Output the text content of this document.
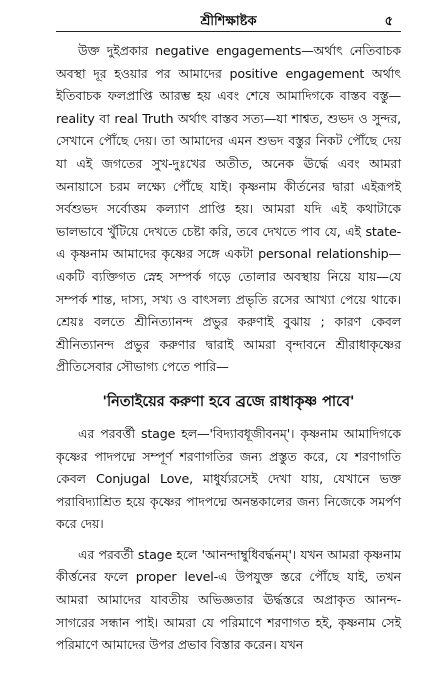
শ্রীশিক্ষাষ্টক	৫

উক্ত দুইপ্রকার negative engagements—অর্থাৎ নেতিবাচক অবস্থা দূর হওয়ার পর আমাদের positive engagement অর্থাৎ ইতিবাচক ফলপ্রাপ্তি আরম্ভ হয় এবং শেষে আমাদিগকে বাস্তব বস্তু—reality বা real Truth অর্থাৎ বাস্তব সত্য—যা শাশ্বত, শুভদ ও সুন্দর, সেখানে পৌঁছে দেয়। তা আমাদের এমন শুভদ বস্তুর নিকট পৌঁছে দেয় যা এই জগতের সুখ-দুঃখের অতীত, অনেক ঊর্দ্ধে এবং আমরা অনায়াসে চরম লক্ষ্যে পৌঁছে যাই। কৃষ্ণনাম কীর্তনের দ্বারা এইরূপই সর্বশুভদ সর্বোত্তম কল্যাণ প্রাপ্তি হয়। আমরা যদি এই কথাটাকে ভালভাবে খুঁটিয়ে দেখতে চেষ্টা করি, তবে দেখতে পাব যে, এই state-এ কৃষ্ণনাম আমাদের কৃষ্ণের সঙ্গে একটা personal relationship—একটি ব্যক্তিগত স্নেহ সম্পর্ক গড়ে তোলার অবস্থায় নিয়ে যায়—যে সম্পর্ক শান্ত, দাস্য, সখ্য ও বাৎসল্য প্রভৃতি রসের আখ্যা পেয়ে থাকে। শ্রেয়ঃ বলতে শ্রীনিত্যানন্দ প্রভুর করুণাই বুঝায় ; কারণ কেবল শ্রীনিত্যানন্দ প্রভুর করুণার দ্বারাই আমরা বৃন্দাবনে শ্রীরাধাকৃষ্ণের প্রীতিসেবার সৌভাগ্য পেতে পারি—

'নিতাইয়ের করুণা হবে ব্রজে রাধাকৃষ্ণ পাবে'

এর পরবর্ত্তী stage হল—'বিদ্যাবধূজীবনম্'। কৃষ্ণনাম আমাদিগকে কৃষ্ণের পাদপদ্মে সম্পূর্ণ শরণাগতির জন্য প্রস্তুত করে, যে শরণাগতি কেবল Conjugal Love, মাধুর্য্যরসেই দেখা যায়, যেখানে ভক্ত পরাবিদ্যাশ্রিত হয়ে কৃষ্ণের পাদপদ্মে অনন্তকালের জন্য নিজেকে সমর্পণ করে দেয়।

এর পরবর্তী stage হলে 'আনন্দাম্বুধিবর্দ্ধনম্'। যখন আমরা কৃষ্ণনাম কীর্ত্তনের ফলে proper level-এ উপযুক্ত স্তরে পৌঁছে যাই, তখন আমরা আমাদের যাবতীয় অভিজ্ঞতার ঊর্দ্ধস্তরে অপ্রাকৃত আনন্দ-সাগরের সন্ধান পাই। আমরা যে পরিমাণে শরণাগত হই, কৃষ্ণনাম সেই পরিমাণে আমাদের উপর প্রভাব বিস্তার করেন। যখন
